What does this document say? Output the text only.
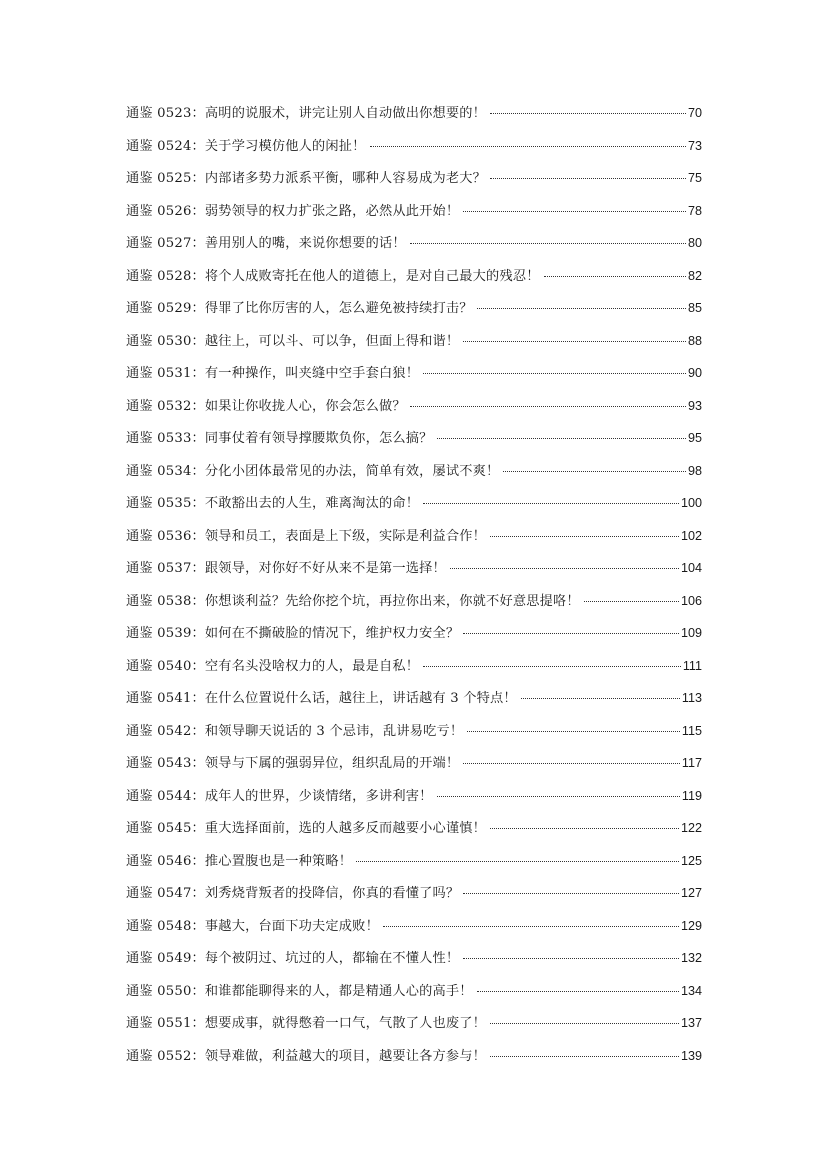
通鉴 0523：高明的说服术，讲完让别人自动做出你想要的！	70
通鉴 0524：关于学习模仿他人的闲扯！	73
通鉴 0525：内部诸多势力派系平衡，哪种人容易成为老大？	75
通鉴 0526：弱势领导的权力扩张之路，必然从此开始！	78
通鉴 0527：善用别人的嘴，来说你想要的话！	80
通鉴 0528：将个人成败寄托在他人的道德上，是对自己最大的残忍！	82
通鉴 0529：得罪了比你厉害的人，怎么避免被持续打击？	85
通鉴 0530：越往上，可以斗、可以争，但面上得和谐！	88
通鉴 0531：有一种操作，叫夹缝中空手套白狼！	90
通鉴 0532：如果让你收拢人心，你会怎么做？	93
通鉴 0533：同事仗着有领导撑腰欺负你，怎么搞？	95
通鉴 0534：分化小团体最常见的办法，简单有效，屡试不爽！	98
通鉴 0535：不敢豁出去的人生，难离淘汰的命！	100
通鉴 0536：领导和员工，表面是上下级，实际是利益合作！	102
通鉴 0537：跟领导，对你好不好从来不是第一选择！	104
通鉴 0538：你想谈利益？先给你挖个坑，再拉你出来，你就不好意思提咯！	106
通鉴 0539：如何在不撕破脸的情况下，维护权力安全？	109
通鉴 0540：空有名头没啥权力的人，最是自私！	111
通鉴 0541：在什么位置说什么话，越往上，讲话越有 3 个特点！	113
通鉴 0542：和领导聊天说话的 3 个忌讳，乱讲易吃亏！	115
通鉴 0543：领导与下属的强弱异位，组织乱局的开端！	117
通鉴 0544：成年人的世界，少谈情绪，多讲利害！	119
通鉴 0545：重大选择面前，选的人越多反而越要小心谨慎！	122
通鉴 0546：推心置腹也是一种策略！	125
通鉴 0547：刘秀烧背叛者的投降信，你真的看懂了吗？	127
通鉴 0548：事越大，台面下功夫定成败！	129
通鉴 0549：每个被阴过、坑过的人，都输在不懂人性！	132
通鉴 0550：和谁都能聊得来的人，都是精通人心的高手！	134
通鉴 0551：想要成事，就得憋着一口气，气散了人也废了！	137
通鉴 0552：领导难做，利益越大的项目，越要让各方参与！	139
